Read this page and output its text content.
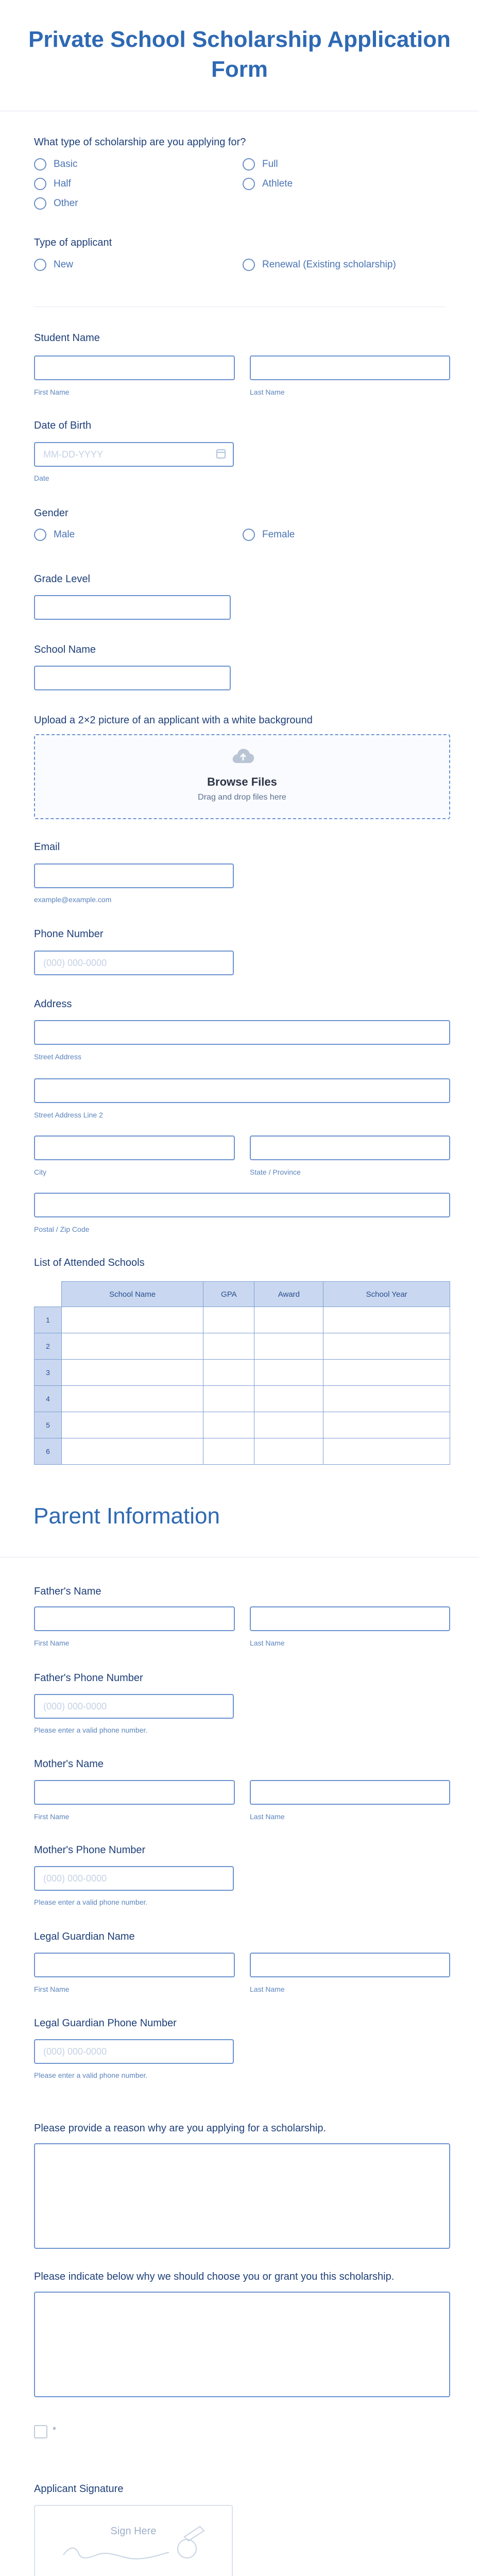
Private School Scholarship Application
Form
What type of scholarship are you applying for?
Basic	Full
Half	Athlete
Other
Type of applicant
New	Renewal (Existing scholarship)
Student Name
First Name	Last Name
Date of Birth
MM-DD-YYYY
Date
Gender
Male	Female
Grade Level
School Name
Upload a 2×2 picture of an applicant with a white background
Browse Files
Drag and drop files here
Email
example@example.com
Phone Number
(000) 000-0000
Address
Street Address
Street Address Line 2
City	State / Province
Postal / Zip Code
List of Attended Schools
	School Name	GPA	Award	School Year
1				
2				
3				
4				
5				
6				
Parent Information
Father's Name
First Name	Last Name
Father's Phone Number
(000) 000-0000
Please enter a valid phone number.
Mother's Name
First Name	Last Name
Mother's Phone Number
(000) 000-0000
Please enter a valid phone number.
Legal Guardian Name
First Name	Last Name
Legal Guardian Phone Number
(000) 000-0000
Please enter a valid phone number.
Please provide a reason why are you applying for a scholarship.
Please indicate below why we should choose you or grant you this scholarship.
*
Applicant Signature
Sign Here
